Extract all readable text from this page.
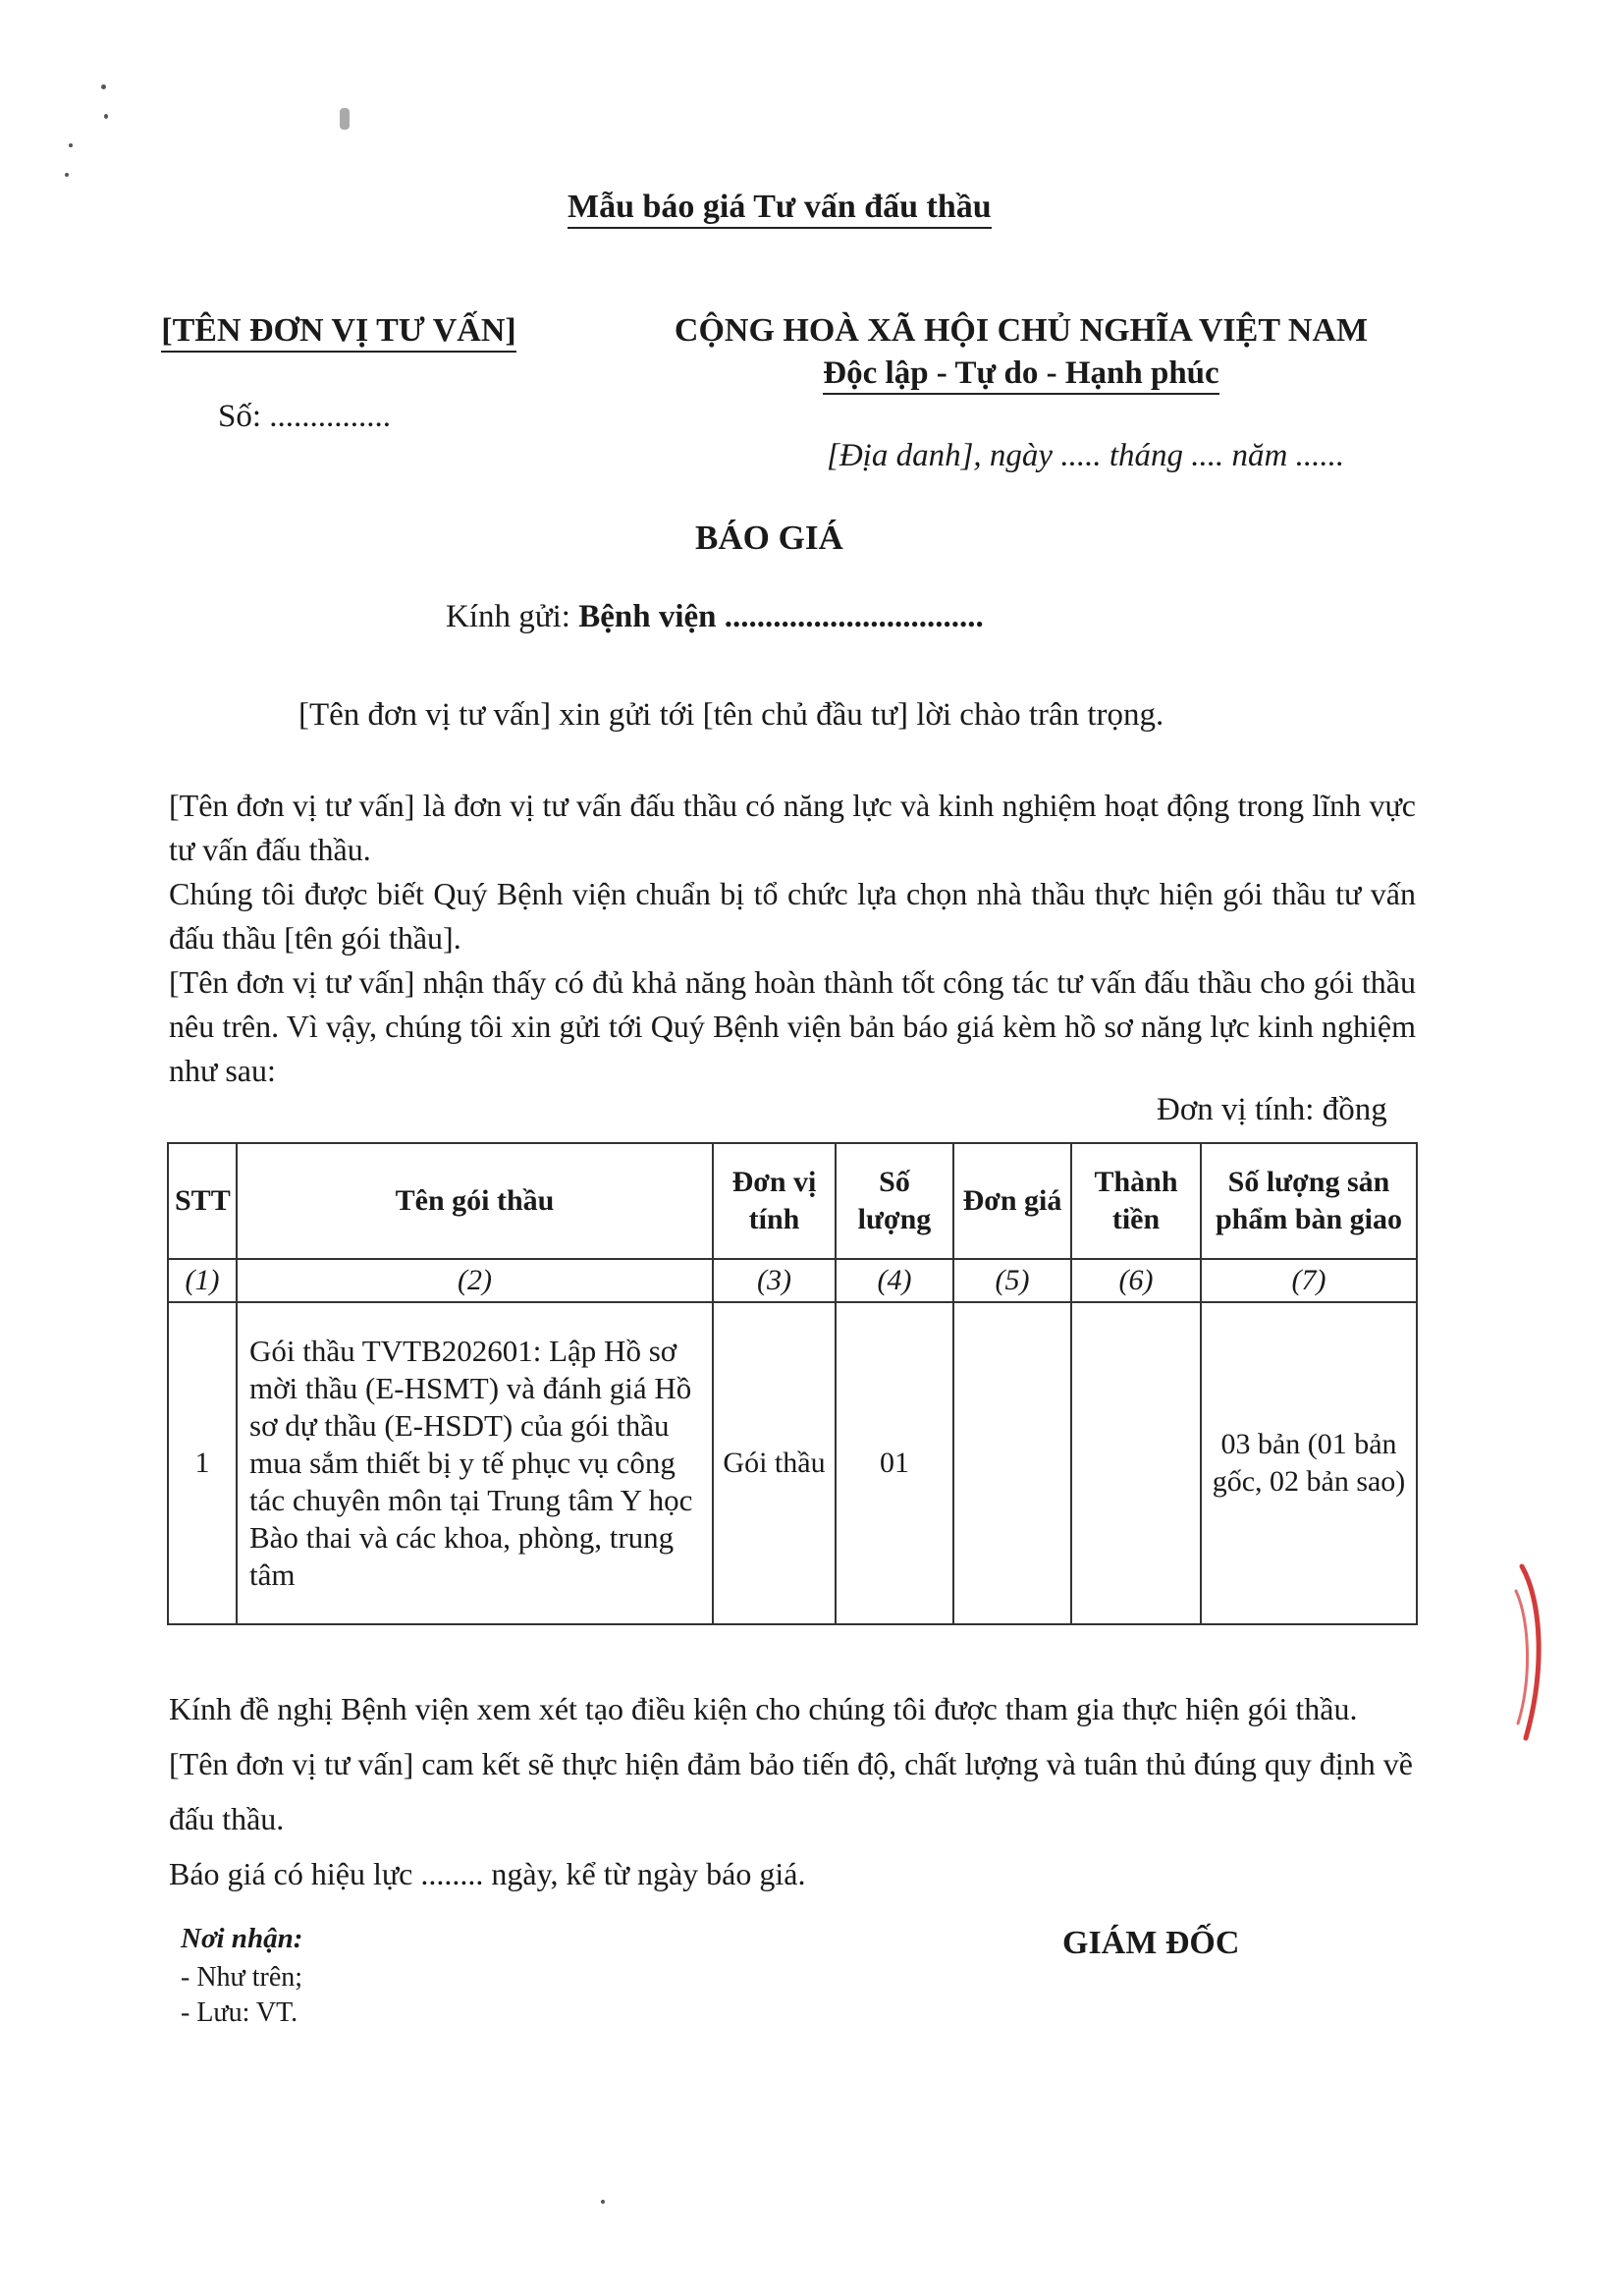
Mẫu báo giá Tư vấn đấu thầu
[TÊN ĐƠN VỊ TƯ VẤN]
Số: ...............
CỘNG HOÀ XÃ HỘI CHỦ NGHĨA VIỆT NAM
Độc lập - Tự do - Hạnh phúc
[Địa danh], ngày ..... tháng .... năm ......
BÁO GIÁ
Kính gửi: Bệnh viện ................................
[Tên đơn vị tư vấn] xin gửi tới [tên chủ đầu tư] lời chào trân trọng.
[Tên đơn vị tư vấn] là đơn vị tư vấn đấu thầu có năng lực và kinh nghiệm hoạt động trong lĩnh vực tư vấn đấu thầu.
Chúng tôi được biết Quý Bệnh viện chuẩn bị tổ chức lựa chọn nhà thầu thực hiện gói thầu tư vấn đấu thầu [tên gói thầu].
[Tên đơn vị tư vấn] nhận thấy có đủ khả năng hoàn thành tốt công tác tư vấn đấu thầu cho gói thầu nêu trên. Vì vậy, chúng tôi xin gửi tới Quý Bệnh viện bản báo giá kèm hồ sơ năng lực kinh nghiệm như sau:
Đơn vị tính: đồng
STT	Tên gói thầu	Đơn vị tính	Số lượng	Đơn giá	Thành tiền	Số lượng sản phẩm bàn giao
(1)	(2)	(3)	(4)	(5)	(6)	(7)
1	Gói thầu TVTB202601: Lập Hồ sơ mời thầu (E-HSMT) và đánh giá Hồ sơ dự thầu (E-HSDT) của gói thầu mua sắm thiết bị y tế phục vụ công tác chuyên môn tại Trung tâm Y học Bào thai và các khoa, phòng, trung tâm	Gói thầu	01			03 bản (01 bản gốc, 02 bản sao)
Kính đề nghị Bệnh viện xem xét tạo điều kiện cho chúng tôi được tham gia thực hiện gói thầu.
[Tên đơn vị tư vấn] cam kết sẽ thực hiện đảm bảo tiến độ, chất lượng và tuân thủ đúng quy định về đấu thầu.
Báo giá có hiệu lực ........ ngày, kể từ ngày báo giá.
Nơi nhận:
- Như trên;
- Lưu: VT.
GIÁM ĐỐC
